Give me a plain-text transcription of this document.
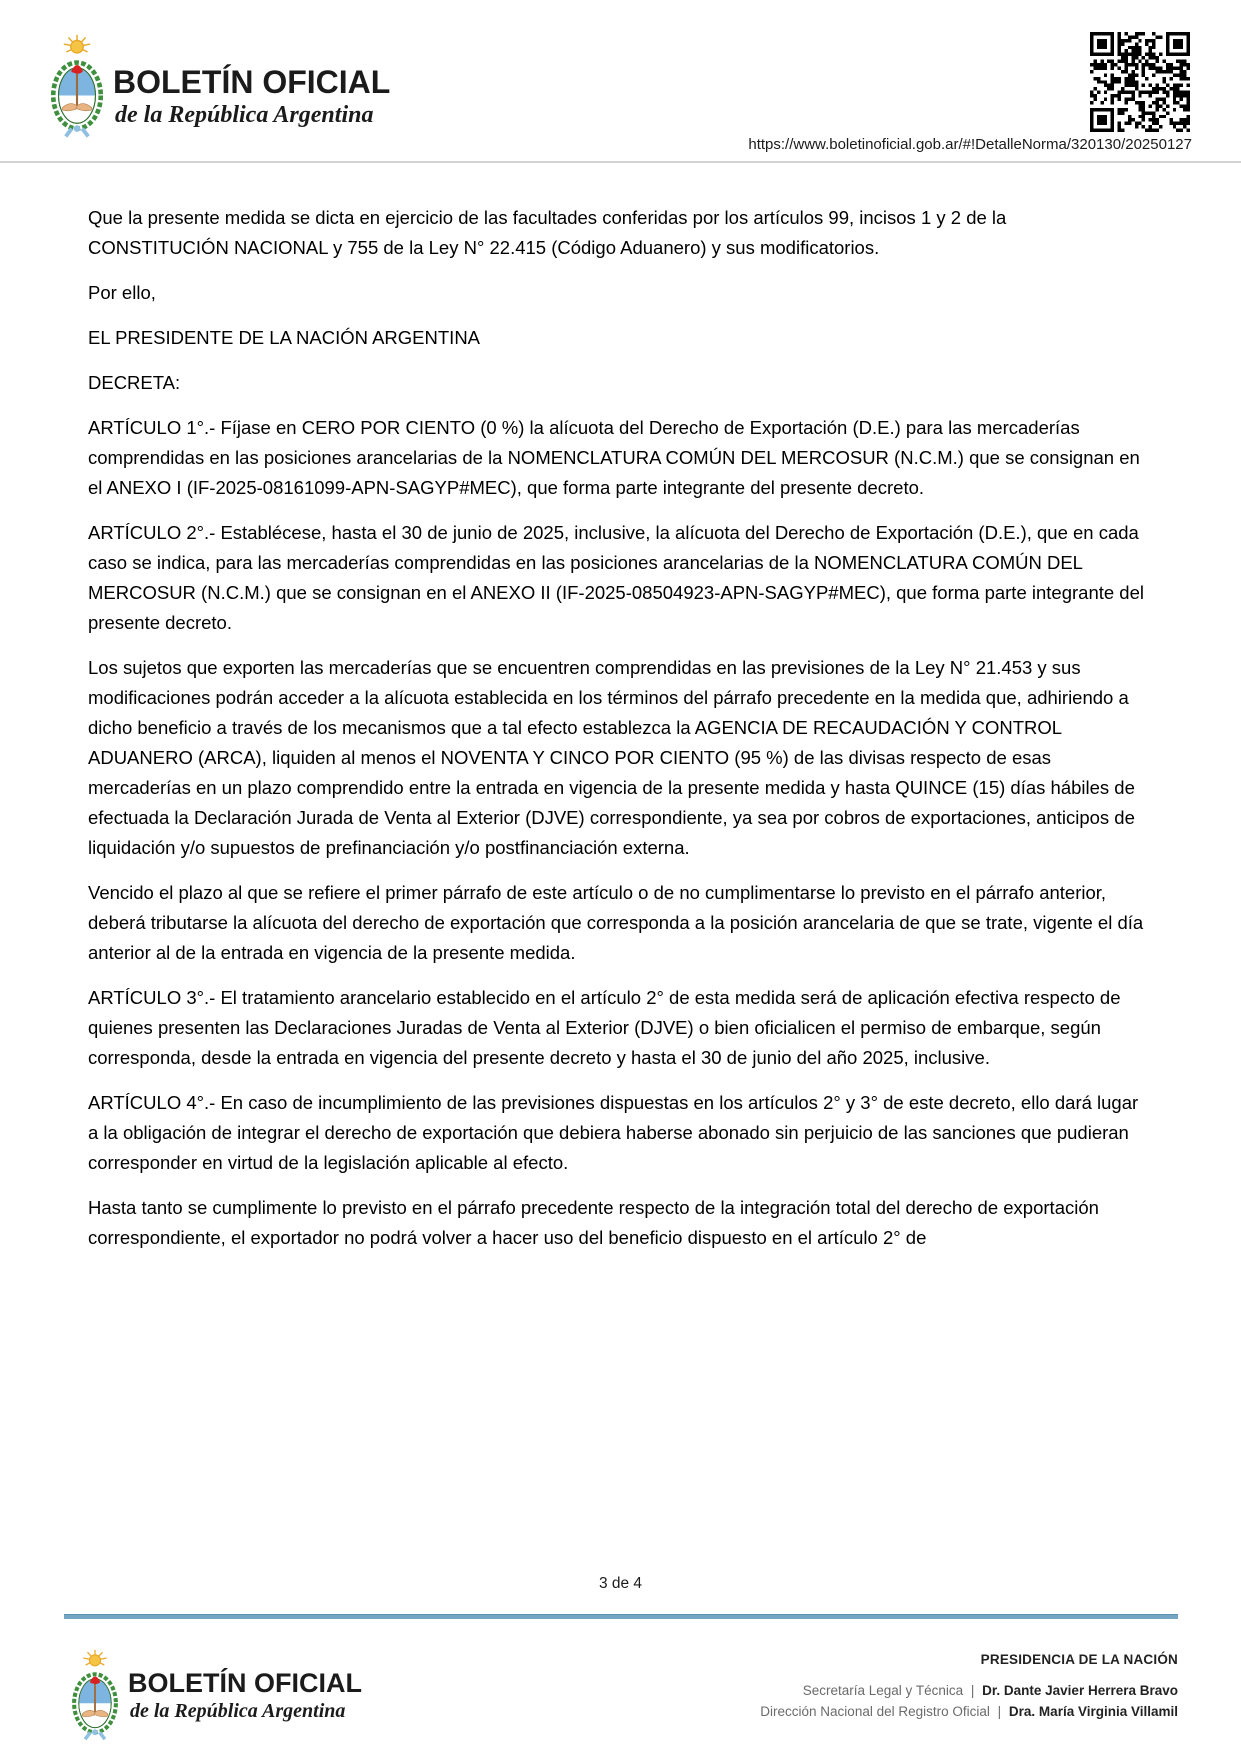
BOLETÍN OFICIAL
de la República Argentina
https://www.boletinoficial.gob.ar/#!DetalleNorma/320130/20250127

Que la presente medida se dicta en ejercicio de las facultades conferidas por los artículos 99, incisos 1 y 2 de la CONSTITUCIÓN NACIONAL y 755 de la Ley N° 22.415 (Código Aduanero) y sus modificatorios.

Por ello,

EL PRESIDENTE DE LA NACIÓN ARGENTINA

DECRETA:

ARTÍCULO 1°.- Fíjase en CERO POR CIENTO (0 %) la alícuota del Derecho de Exportación (D.E.) para las mercaderías comprendidas en las posiciones arancelarias de la NOMENCLATURA COMÚN DEL MERCOSUR (N.C.M.) que se consignan en el ANEXO I (IF-2025-08161099-APN-SAGYP#MEC), que forma parte integrante del presente decreto.

ARTÍCULO 2°.- Establécese, hasta el 30 de junio de 2025, inclusive, la alícuota del Derecho de Exportación (D.E.), que en cada caso se indica, para las mercaderías comprendidas en las posiciones arancelarias de la NOMENCLATURA COMÚN DEL MERCOSUR (N.C.M.) que se consignan en el ANEXO II (IF-2025-08504923-APN-SAGYP#MEC), que forma parte integrante del presente decreto.

Los sujetos que exporten las mercaderías que se encuentren comprendidas en las previsiones de la Ley N° 21.453 y sus modificaciones podrán acceder a la alícuota establecida en los términos del párrafo precedente en la medida que, adhiriendo a dicho beneficio a través de los mecanismos que a tal efecto establezca la AGENCIA DE RECAUDACIÓN Y CONTROL ADUANERO (ARCA), liquiden al menos el NOVENTA Y CINCO POR CIENTO (95 %) de las divisas respecto de esas mercaderías en un plazo comprendido entre la entrada en vigencia de la presente medida y hasta QUINCE (15) días hábiles de efectuada la Declaración Jurada de Venta al Exterior (DJVE) correspondiente, ya sea por cobros de exportaciones, anticipos de liquidación y/o supuestos de prefinanciación y/o postfinanciación externa.

Vencido el plazo al que se refiere el primer párrafo de este artículo o de no cumplimentarse lo previsto en el párrafo anterior, deberá tributarse la alícuota del derecho de exportación que corresponda a la posición arancelaria de que se trate, vigente el día anterior al de la entrada en vigencia de la presente medida.

ARTÍCULO 3°.- El tratamiento arancelario establecido en el artículo 2° de esta medida será de aplicación efectiva respecto de quienes presenten las Declaraciones Juradas de Venta al Exterior (DJVE) o bien oficialicen el permiso de embarque, según corresponda, desde la entrada en vigencia del presente decreto y hasta el 30 de junio del año 2025, inclusive.

ARTÍCULO 4°.- En caso de incumplimiento de las previsiones dispuestas en los artículos 2° y 3° de este decreto, ello dará lugar a la obligación de integrar el derecho de exportación que debiera haberse abonado sin perjuicio de las sanciones que pudieran corresponder en virtud de la legislación aplicable al efecto.

Hasta tanto se cumplimente lo previsto en el párrafo precedente respecto de la integración total del derecho de exportación correspondiente, el exportador no podrá volver a hacer uso del beneficio dispuesto en el artículo 2° de

3 de 4
BOLETÍN OFICIAL
de la República Argentina
PRESIDENCIA DE LA NACIÓN
Secretaría Legal y Técnica | Dr. Dante Javier Herrera Bravo
Dirección Nacional del Registro Oficial | Dra. María Virginia Villamil
